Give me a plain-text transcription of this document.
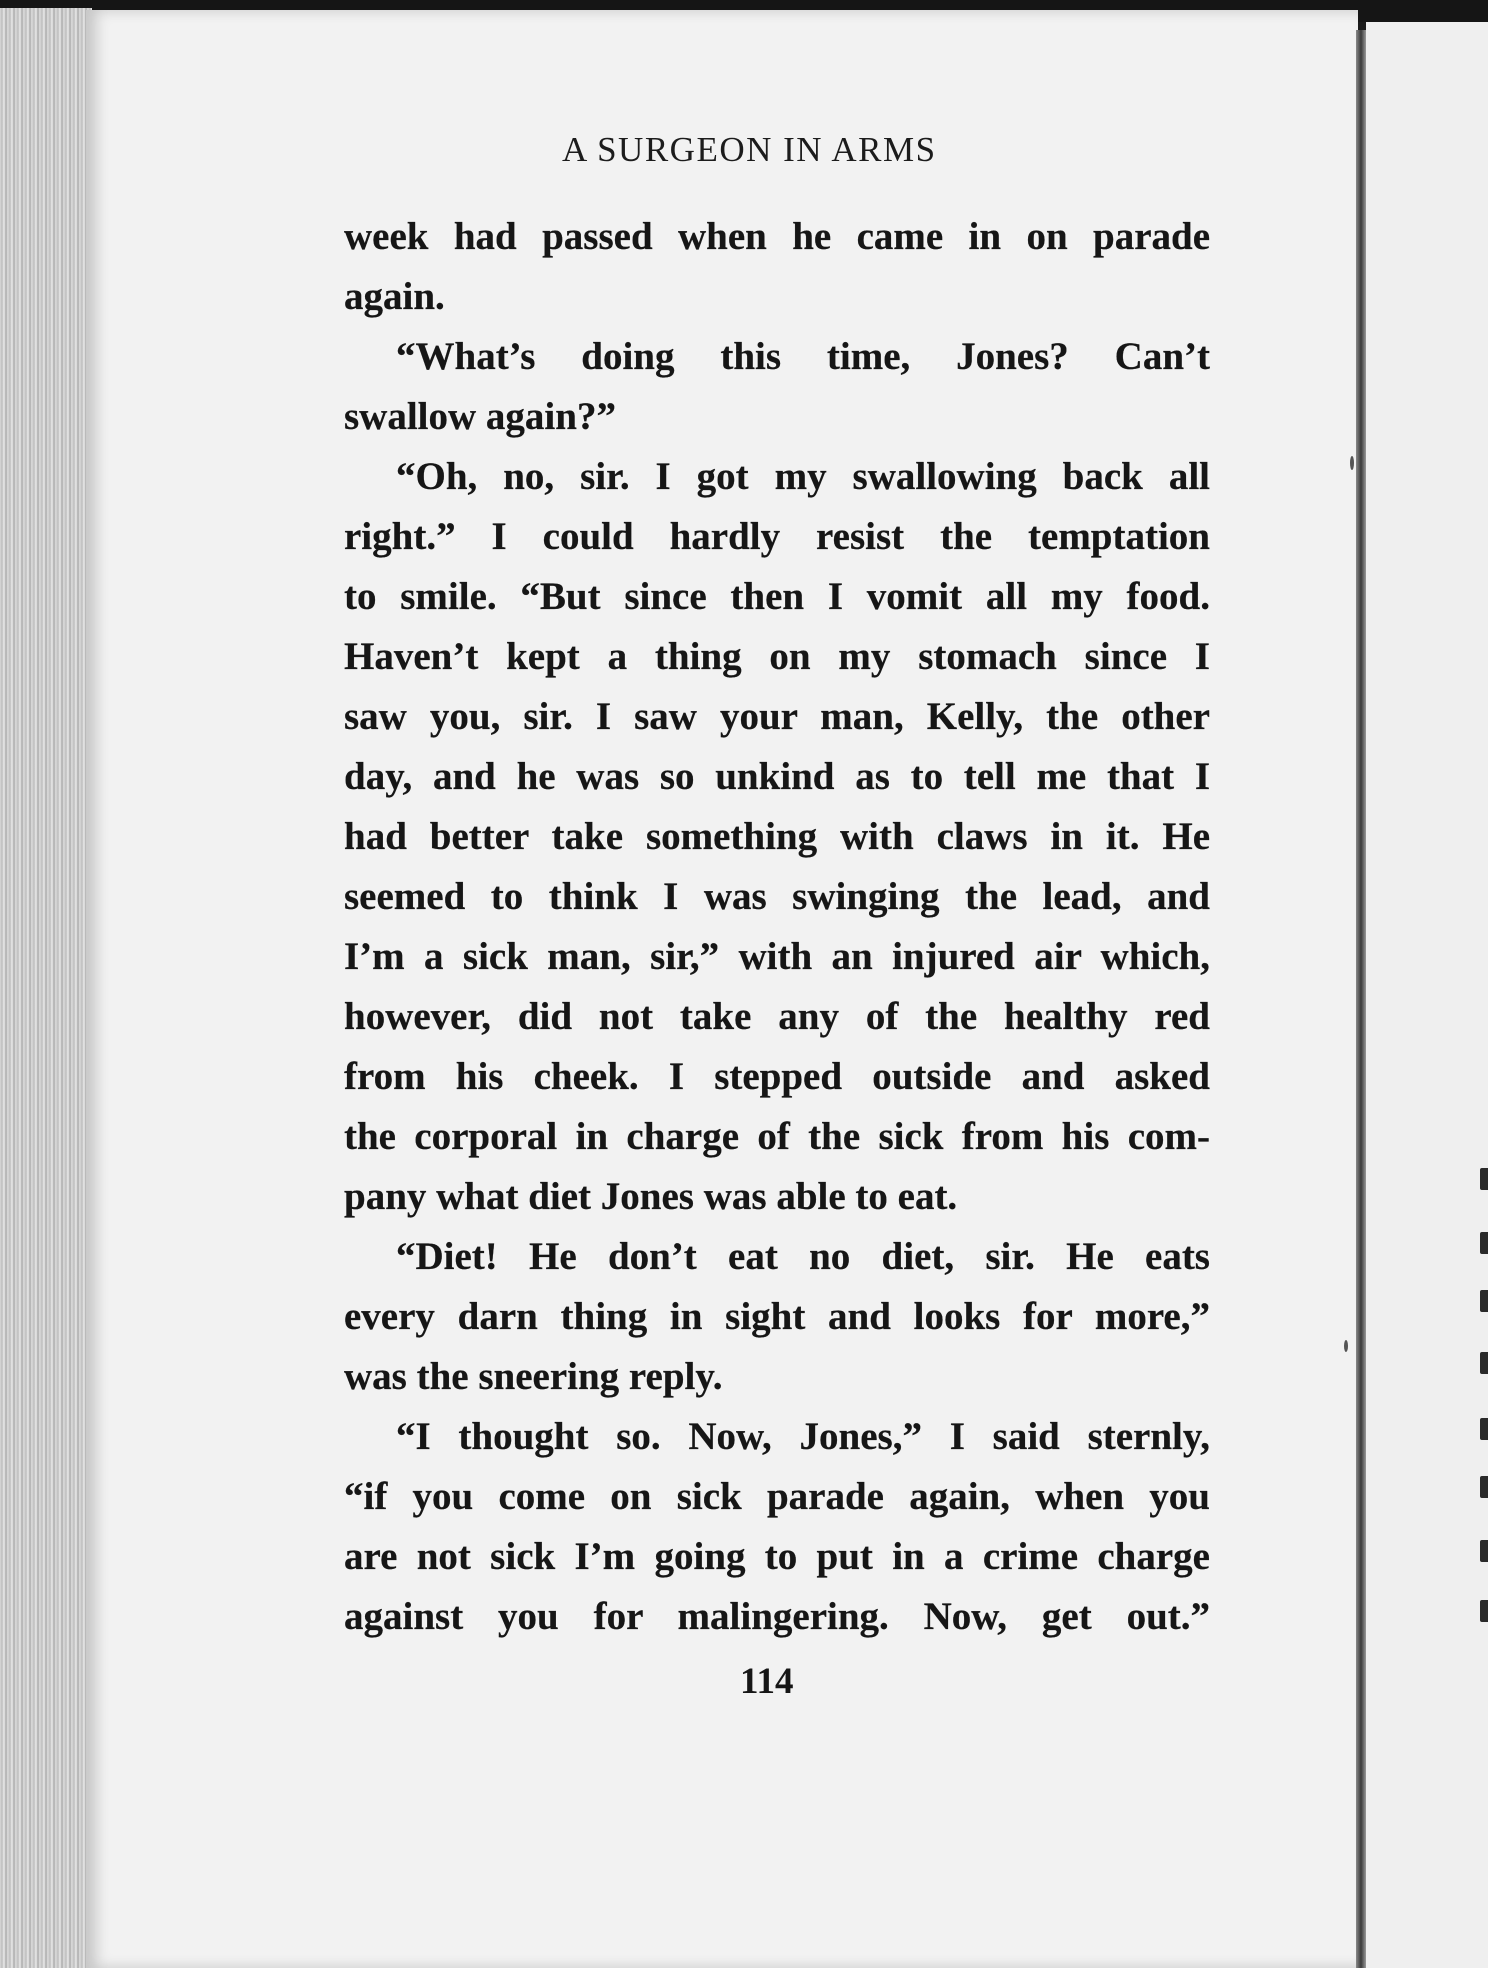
A SURGEON IN ARMS
week had passed when he came in on parade
again.
“What’s doing this time, Jones? Can’t
swallow again?”
“Oh, no, sir. I got my swallowing back all
right.” I could hardly resist the temptation
to smile. “But since then I vomit all my food.
Haven’t kept a thing on my stomach since I
saw you, sir. I saw your man, Kelly, the other
day, and he was so unkind as to tell me that I
had better take something with claws in it. He
seemed to think I was swinging the lead, and
I’m a sick man, sir,” with an injured air which,
however, did not take any of the healthy red
from his cheek. I stepped outside and asked
the corporal in charge of the sick from his com-
pany what diet Jones was able to eat.
“Diet! He don’t eat no diet, sir. He eats
every darn thing in sight and looks for more,”
was the sneering reply.
“I thought so. Now, Jones,” I said sternly,
“if you come on sick parade again, when you
are not sick I’m going to put in a crime charge
against you for malingering. Now, get out.”

114
